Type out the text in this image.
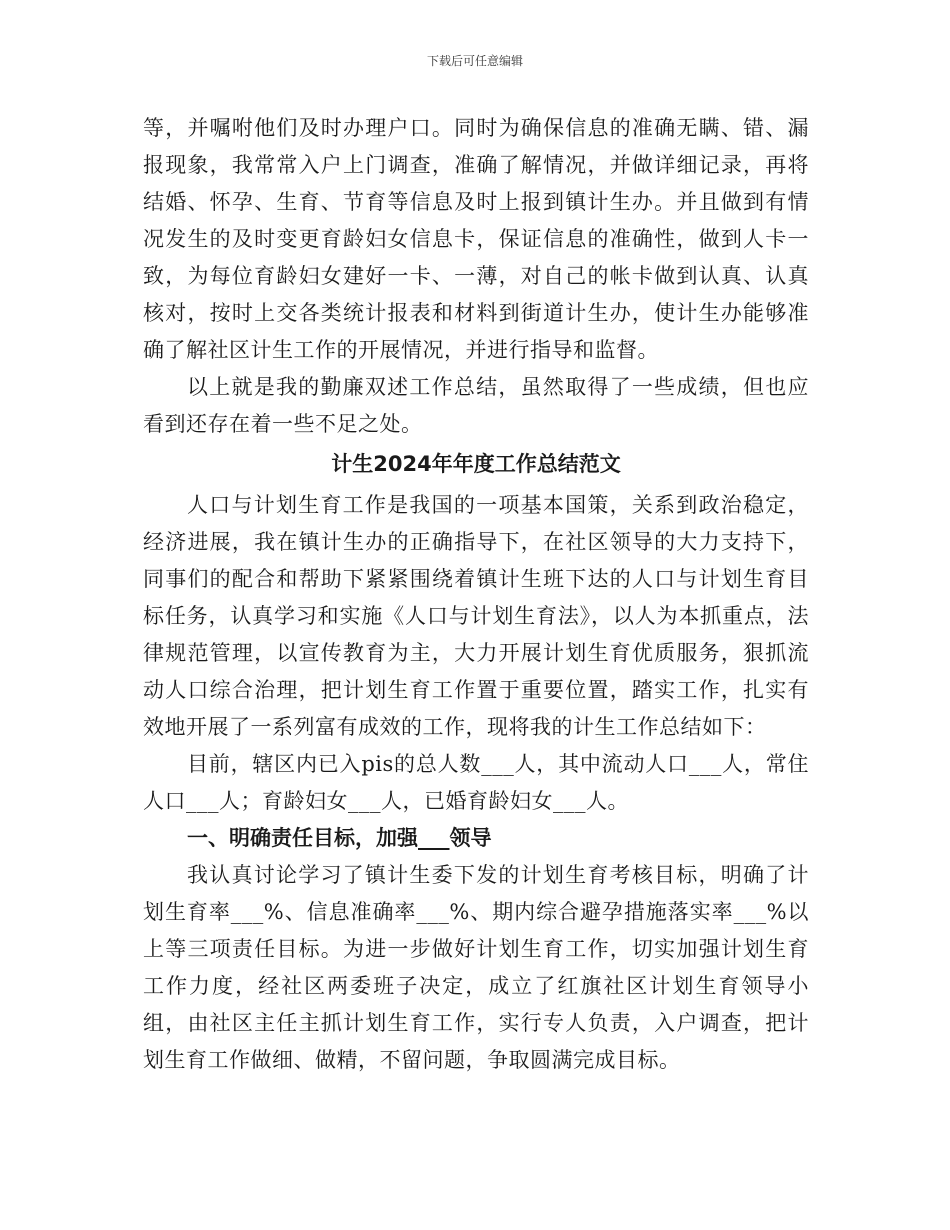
下载后可任意编辑

等，并嘱咐他们及时办理户口。同时为确保信息的准确无瞒、错、漏报现象，我常常入户上门调查，准确了解情况，并做详细记录，再将结婚、怀孕、生育、节育等信息及时上报到镇计生办。并且做到有情况发生的及时变更育龄妇女信息卡，保证信息的准确性，做到人卡一致，为每位育龄妇女建好一卡、一薄，对自己的帐卡做到认真、认真核对，按时上交各类统计报表和材料到街道计生办，使计生办能够准确了解社区计生工作的开展情况，并进行指导和监督。

以上就是我的勤廉双述工作总结，虽然取得了一些成绩，但也应看到还存在着一些不足之处。

计生2024年年度工作总结范文

人口与计划生育工作是我国的一项基本国策，关系到政治稳定，经济进展，我在镇计生办的正确指导下，在社区领导的大力支持下，同事们的配合和帮助下紧紧围绕着镇计生班下达的人口与计划生育目标任务，认真学习和实施《人口与计划生育法》，以人为本抓重点，法律规范管理，以宣传教育为主，大力开展计划生育优质服务，狠抓流动人口综合治理，把计划生育工作置于重要位置，踏实工作，扎实有效地开展了一系列富有成效的工作，现将我的计生工作总结如下：

目前，辖区内已入pis的总人数___人，其中流动人口___人，常住人口___人；育龄妇女___人，已婚育龄妇女___人。

一、明确责任目标，加强___领导

我认真讨论学习了镇计生委下发的计划生育考核目标，明确了计划生育率___%、信息准确率___%、期内综合避孕措施落实率___%以上等三项责任目标。为进一步做好计划生育工作，切实加强计划生育工作力度，经社区两委班子决定，成立了红旗社区计划生育领导小组，由社区主任主抓计划生育工作，实行专人负责，入户调查，把计划生育工作做细、做精，不留问题，争取圆满完成目标。
